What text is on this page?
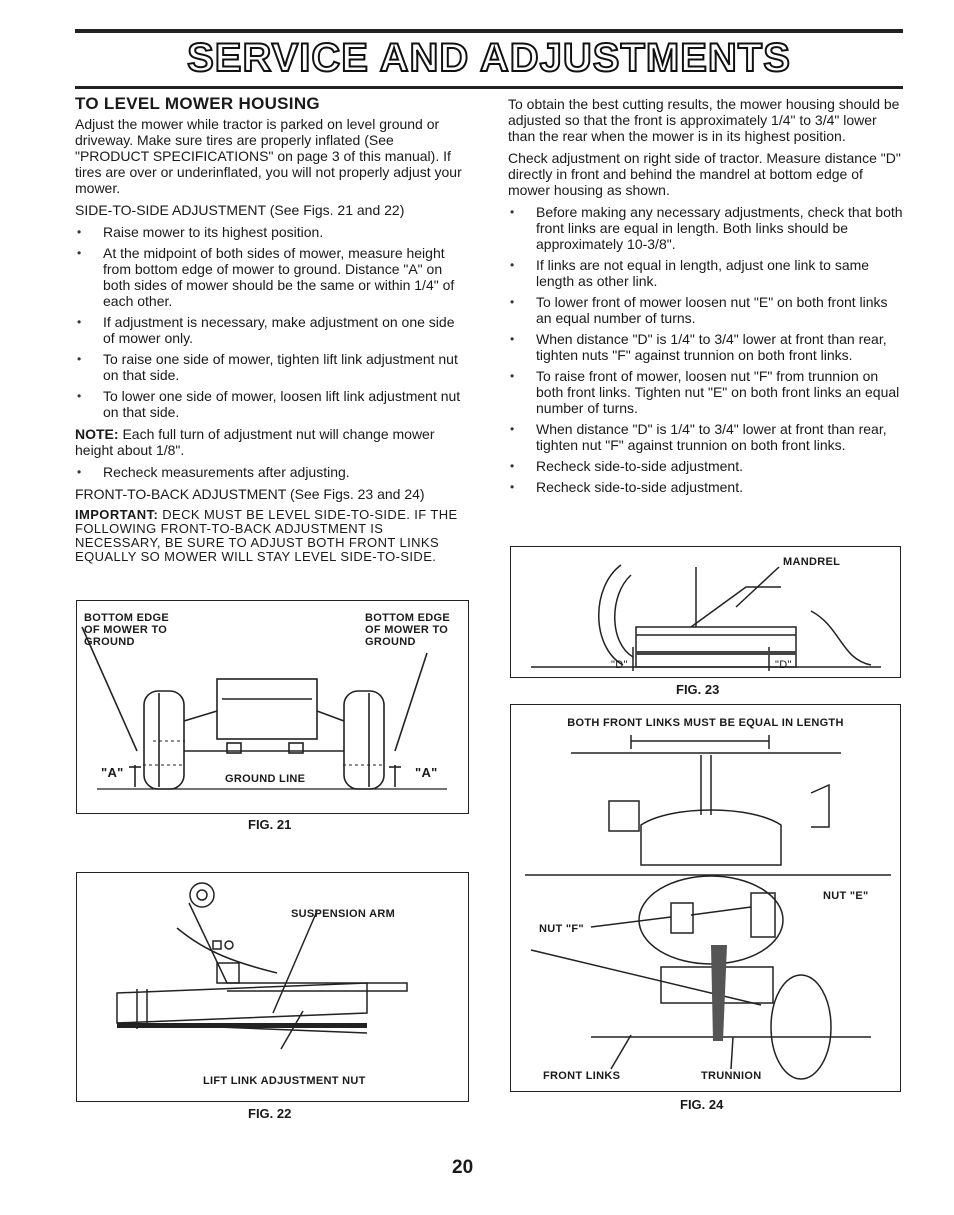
SERVICE AND ADJUSTMENTS
TO LEVEL MOWER HOUSING

Adjust the mower while tractor is parked on level ground or driveway. Make sure tires are properly inflated (See "PRODUCT SPECIFICATIONS" on page 3 of this manual). If tires are over or underinflated, you will not properly adjust your mower.

SIDE-TO-SIDE ADJUSTMENT (See Figs. 21 and 22)

• Raise mower to its highest position.
• At the midpoint of both sides of mower, measure height from bottom edge of mower to ground. Distance "A" on both sides of mower should be the same or within 1/4" of each other.
• If adjustment is necessary, make adjustment on one side of mower only.
• To raise one side of mower, tighten lift link adjustment nut on that side.
• To lower one side of mower, loosen lift link adjustment nut on that side.

NOTE: Each full turn of adjustment nut will change mower height about 1/8".

• Recheck measurements after adjusting.

FRONT-TO-BACK ADJUSTMENT (See Figs. 23 and 24)

IMPORTANT: DECK MUST BE LEVEL SIDE-TO-SIDE. IF THE FOLLOWING FRONT-TO-BACK ADJUSTMENT IS NECESSARY, BE SURE TO ADJUST BOTH FRONT LINKS EQUALLY SO MOWER WILL STAY LEVEL SIDE-TO-SIDE.

To obtain the best cutting results, the mower housing should be adjusted so that the front is approximately 1/4" to 3/4" lower than the rear when the mower is in its highest position.

Check adjustment on right side of tractor. Measure distance "D" directly in front and behind the mandrel at bottom edge of mower housing as shown.

• Before making any necessary adjustments, check that both front links are equal in length. Both links should be approximately 10-3/8".
• If links are not equal in length, adjust one link to same length as other link.
• To lower front of mower loosen nut "E" on both front links an equal number of turns.
• When distance "D" is 1/4" to 3/4" lower at front than rear, tighten nuts "F" against trunnion on both front links.
• To raise front of mower, loosen nut "F" from trunnion on both front links. Tighten nut "E" on both front links an equal number of turns.
• When distance "D" is 1/4" to 3/4" lower at front than rear, tighten nut "F" against trunnion on both front links.
• Recheck side-to-side adjustment.
• Recheck side-to-side adjustment.
BOTTOM EDGE OF MOWER TO GROUND
BOTTOM EDGE OF MOWER TO GROUND
"A"	"A"
GROUND LINE
FIG. 21
SUSPENSION ARM
LIFT LINK ADJUSTMENT NUT
FIG. 22
MANDREL
"D"	"D"
FIG. 23
BOTH FRONT LINKS MUST BE EQUAL IN LENGTH
NUT "E"
NUT "F"
FRONT LINKS	TRUNNION
FIG. 24
20
